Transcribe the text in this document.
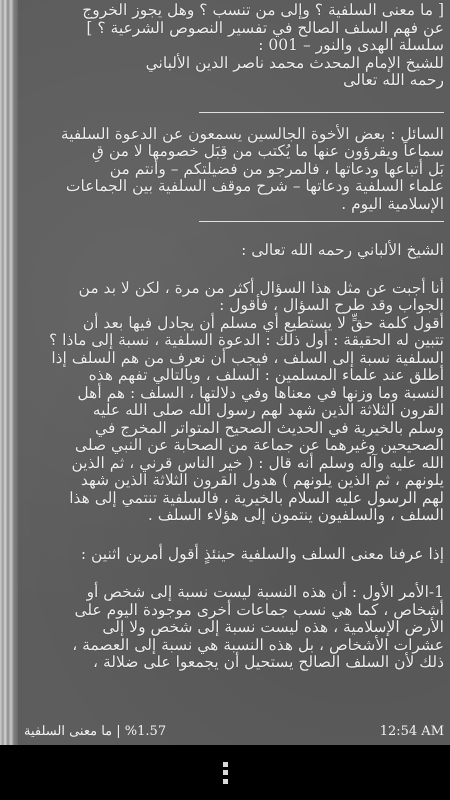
[ ما معنى السلفية ؟ وإلى من تنسب ؟ وهل يجوز الخروج
عن فهم السلف الصالح في تفسير النصوص الشرعية ؟ ]
سلسلة الهدى والنور – 001 :
للشيخ الإمام المحدث محمد ناصر الدين الألباني
رحمه الله تعالى

السائل : بعض الأخوة الجالسين يسمعون عن الدعوة السلفية
سماعاً ويقرؤون عنها ما يُكتب من قِبَل خصومها لا من قِ
بَل أتباعها ودعاتها ، فالمرجو من فضيلتكم – وأنتم من
علماء السلفية ودعاتها – شرح موقف السلفية بين الجماعات
الإسلامية اليوم .

الشيخ الألباني رحمه الله تعالى :

أنا أجبت عن مثل هذا السؤال أكثر من مرة ، لكن لا بد من
الجواب وقد طرح السؤال ، فأقول :
أقول كلمة حقٍّ لا يستطيع أي مسلم أن يجادل فيها بعد أن
تتبين له الحقيقة : أول ذلك : الدعوة السلفية ، نسبة إلى ماذا ؟
السلفية نسبة إلى السلف ، فيجب أن نعرف من هم السلف إذا
أطلق عند علماء المسلمين : السلف ، وبالتالي تفهم هذه
النسبة وما وزنها في معناها وفي دلالتها ، السلف : هم أهل
القرون الثلاثة الذين شهد لهم رسول الله صلى الله عليه
وسلم بالخيرية في الحديث الصحيح المتواتر المخرج في
الصحيحين وغيرهما عن جماعة من الصحابة عن النبي صلى
الله عليه وآله وسلم أنه قال : ( خير الناس قرني ، ثم الذين
يلونهم ، ثم الذين يلونهم ) هدول القرون الثلاثة الذين شهد
لهم الرسول عليه السلام بالخيرية ، فالسلفية تنتمي إلى هذا
السلف ، والسلفيون ينتمون إلى هؤلاء السلف .

إذا عرفنا معنى السلف والسلفية حينئذٍ أقول أمرين اثنين :

1-الأمر الأول : أن هذه النسبة ليست نسبة إلى شخص أو
أشخاص ، كما هي نسب جماعات أخرى موجودة اليوم على
الأرض الإسلامية ، هذه ليست نسبة إلى شخص ولا إلى
عشرات الأشخاص ، بل هذه النسبة هي نسبة إلى العصمة ،
ذلك لأن السلف الصالح يستحيل أن يجمعوا على ضلالة ،

%1.57 | ما معنى السلفية	12:54 AM
